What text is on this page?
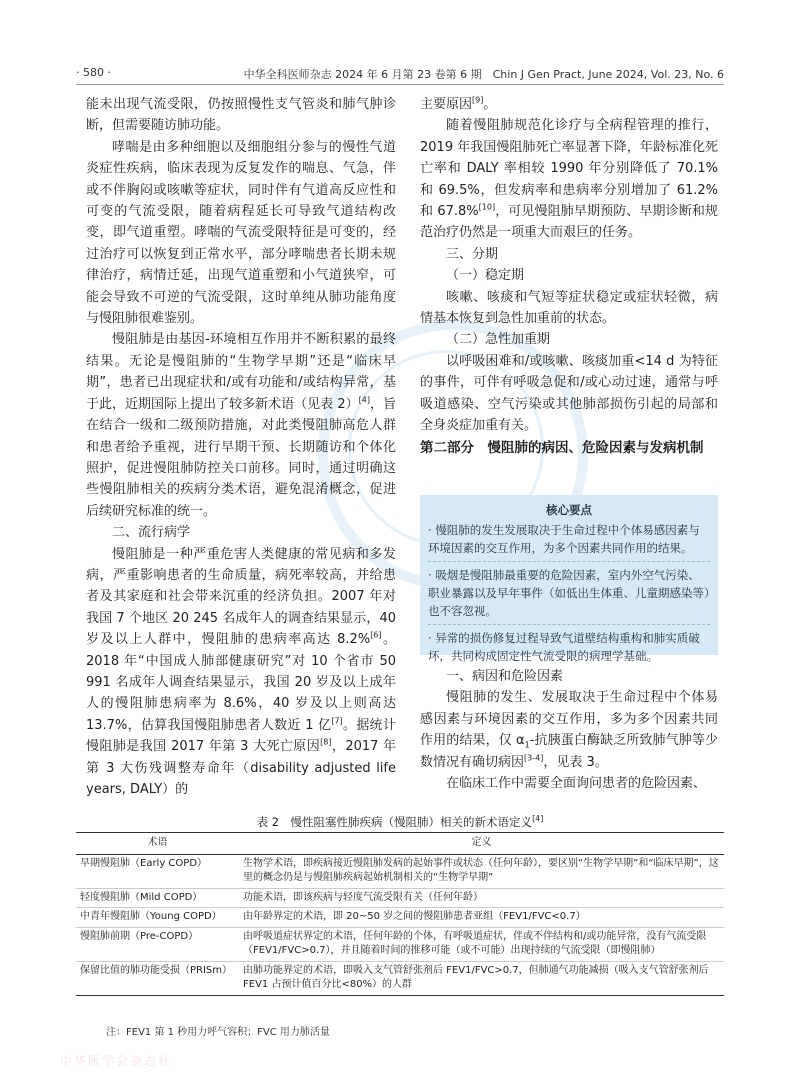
· 580 ·	中华全科医师杂志 2024 年 6 月第 23 卷第 6 期　Chin J Gen Pract, June 2024, Vol. 23, No. 6

能未出现气流受限，仍按照慢性支气管炎和肺气肿诊断，但需要随访肺功能。

哮喘是由多种细胞以及细胞组分参与的慢性气道炎症性疾病，临床表现为反复发作的喘息、气急，伴或不伴胸闷或咳嗽等症状，同时伴有气道高反应性和可变的气流受限，随着病程延长可导致气道结构改变，即气道重塑。哮喘的气流受限特征是可变的，经过治疗可以恢复到正常水平，部分哮喘患者长期未规律治疗，病情迁延，出现气道重塑和小气道狭窄，可能会导致不可逆的气流受限，这时单纯从肺功能角度与慢阻肺很难鉴别。

慢阻肺是由基因-环境相互作用并不断积累的最终结果。无论是慢阻肺的“生物学早期”还是“临床早期”，患者已出现症状和/或有功能和/或结构异常，基于此，近期国际上提出了较多新术语（见表 2）[4]，旨在结合一级和二级预防措施，对此类慢阻肺高危人群和患者给予重视，进行早期干预、长期随访和个体化照护，促进慢阻肺防控关口前移。同时，通过明确这些慢阻肺相关的疾病分类术语，避免混淆概念，促进后续研究标准的统一。

二、流行病学

慢阻肺是一种严重危害人类健康的常见病和多发病，严重影响患者的生命质量，病死率较高，并给患者及其家庭和社会带来沉重的经济负担。2007 年对我国 7 个地区 20 245 名成年人的调查结果显示，40 岁及以上人群中，慢阻肺的患病率高达 8.2%[6]。2018 年“中国成人肺部健康研究”对 10 个省市 50 991 名成年人调查结果显示，我国 20 岁及以上成年人的慢阻肺患病率为 8.6%，40 岁及以上则高达 13.7%，估算我国慢阻肺患者人数近 1 亿[7]。据统计慢阻肺是我国 2017 年第 3 大死亡原因[8]，2017 年第 3 大伤残调整寿命年（disability adjusted life years, DALY）的

主要原因[9]。

随着慢阻肺规范化诊疗与全病程管理的推行，2019 年我国慢阻肺死亡率显著下降，年龄标准化死亡率和 DALY 率相较 1990 年分别降低了 70.1% 和 69.5%，但发病率和患病率分别增加了 61.2% 和 67.8%[10]，可见慢阻肺早期预防、早期诊断和规范治疗仍然是一项重大而艰巨的任务。

三、分期

（一）稳定期

咳嗽、咳痰和气短等症状稳定或症状轻微，病情基本恢复到急性加重前的状态。

（二）急性加重期

以呼吸困难和/或咳嗽、咳痰加重<14 d 为特征的事件，可伴有呼吸急促和/或心动过速，通常与呼吸道感染、空气污染或其他肺部损伤引起的局部和全身炎症加重有关。

第二部分　慢阻肺的病因、危险因素与发病机制
核心要点

· 慢阻肺的发生发展取决于生命过程中个体易感因素与环境因素的交互作用，为多个因素共同作用的结果。

· 吸烟是慢阻肺最重要的危险因素，室内外空气污染、职业暴露以及早年事件（如低出生体重、儿童期感染等）也不容忽视。

· 异常的损伤修复过程导致气道壁结构重构和肺实质破坏，共同构成固定性气流受限的病理学基础。

一、病因和危险因素

慢阻肺的发生、发展取决于生命过程中个体易感因素与环境因素的交互作用，多为多个因素共同作用的结果，仅 $\alpha_1-$抗胰蛋白酶缺乏所致肺气肿等少数情况有确切病因[3-4]，见表 3。

在临床工作中需要全面询问患者的危险因素、

表 2　慢性阻塞性肺疾病（慢阻肺）相关的新术语定义[4]
术语	定义
早期慢阻肺（Early COPD）	生物学术语，即疾病接近慢阻肺发病的起始事件或状态（任何年龄），要区别“生物学早期”和“临床早期”，这里的概念仍是与慢阻肺疾病起始机制相关的“生物学早期”
轻度慢阻肺（Mild COPD）	功能术语，即该疾病与轻度气流受限有关（任何年龄）
中青年慢阻肺（Young COPD）	由年龄界定的术语，即 20~50 岁之间的慢阻肺患者亚组（FEV1/FVC<0.7）
慢阻肺前期（Pre-COPD）	由呼吸道症状界定的术语，任何年龄的个体，有呼吸道症状，伴或不伴结构和/或功能异常，没有气流受限（FEV1/FVC>0.7），并且随着时间的推移可能（或不可能）出现持续的气流受限（即慢阻肺）
保留比值的肺功能受损（PRISm）	由肺功能界定的术语，即吸入支气管舒张剂后 FEV1/FVC>0.7，但肺通气功能减损（吸入支气管舒张剂后 FEV1 占预计值百分比<80%）的人群
注：FEV1 第 1 秒用力呼气容积；FVC 用力肺活量
中华医学会杂志社
